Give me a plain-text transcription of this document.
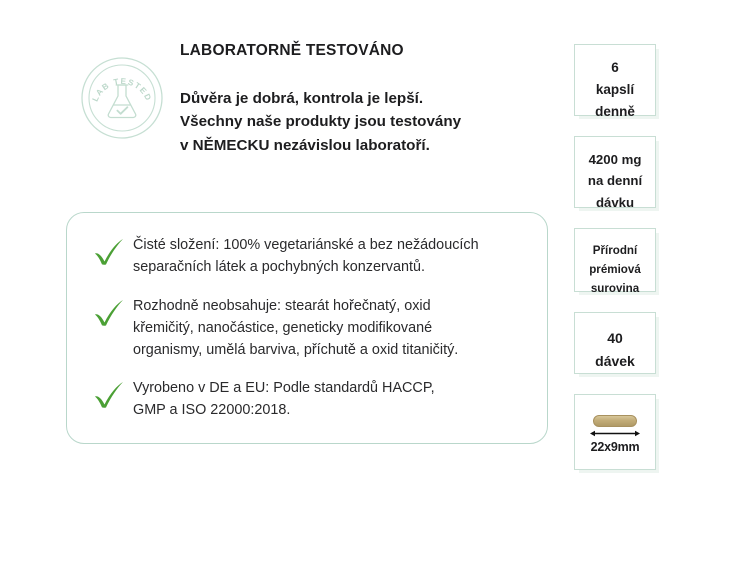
LAB TESTED
LABORATORNĚ TESTOVÁNO
Důvěra je dobrá, kontrola je lepší.
Všechny naše produkty jsou testovány
v NĚMECKU nezávislou laboratoří.
Čisté složení: 100% vegetariánské a bez nežádoucích
separačních látek a pochybných konzervantů.
Rozhodně neobsahuje: stearát hořečnatý, oxid
křemičitý, nanočástice, geneticky modifikované
organismy, umělá barviva, příchutě a oxid titaničitý.
Vyrobeno v DE a EU: Podle standardů HACCP,
GMP a ISO 22000:2018.
6
kapslí
denně
4200 mg
na denní
dávku
Přírodní
prémiová
surovina
40
dávek
22x9mm
